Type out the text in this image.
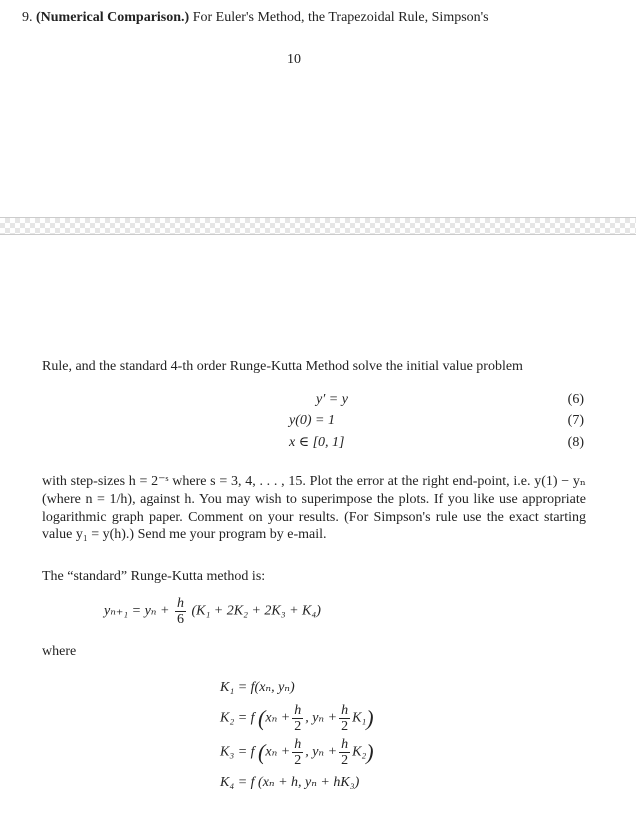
9. (Numerical Comparison.) For Euler's Method, the Trapezoidal Rule, Simpson's
10
Rule, and the standard 4-th order Runge-Kutta Method solve the initial value problem
y′ = y	(6)
y(0) = 1	(7)
x ∈ [0, 1]	(8)
with step-sizes h = 2⁻ˢ where s = 3, 4, . . . , 15. Plot the error at the right end-point, i.e. y(1) − yₙ (where n = 1/h), against h. You may wish to superimpose the plots. If you like use appropriate logarithmic graph paper. Comment on your results. (For Simpson's rule use the exact starting value y₁ = y(h).) Send me your program by e-mail.
The “standard” Runge-Kutta method is:
$y_{n+1} = y_n + \frac{h}{6} (K_1 + 2K_2 + 2K_3 + K_4)$
where
K₁ = f(xₙ, yₙ)
K₂ = f ($x_n + \frac{h}{2}$ , $y_n + \frac{h}{2} K_1$)
K₃ = f ($x_n + \frac{h}{2}$ , $y_n + \frac{h}{2} K_2$)
K₄ = f (xₙ + h, yₙ + hK₃)
